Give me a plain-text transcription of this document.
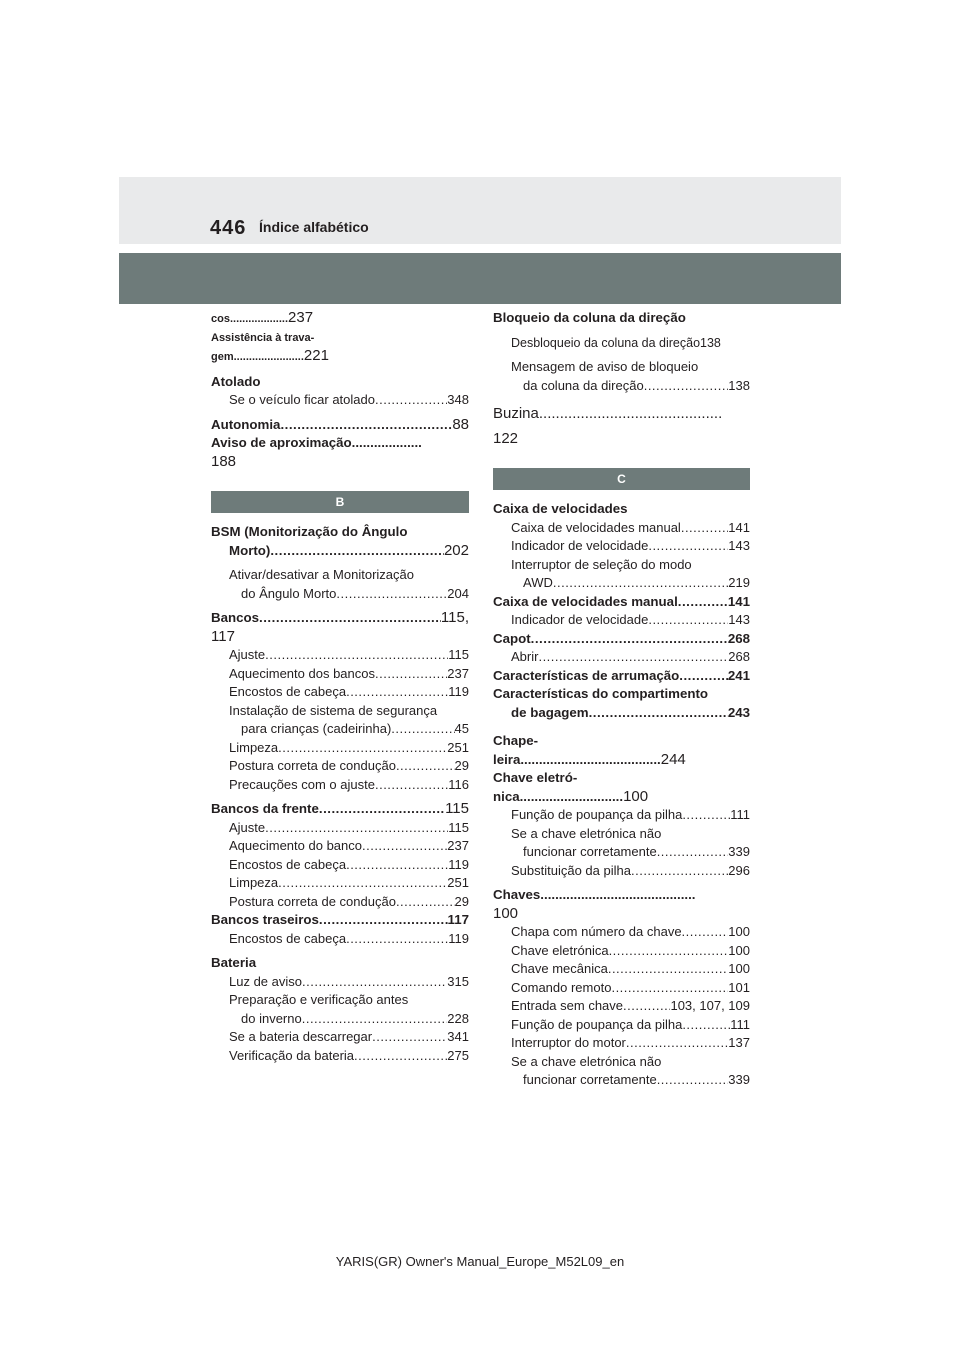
446 Índice alfabético
cos...................237
Assistência à trava-
gem.......................221
Atolado
Se o veículo ficar atolado .....	348
Autonomia .....	88
Aviso de aproximação...................
188
B
BSM (Monitorização do Ângulo
Morto) .....	202
Ativar/desativar a Monitorização
do Ângulo Morto .....	204
Bancos .....	115,
117
Ajuste .....	115
Aquecimento dos bancos .....	237
Encostos de cabeça .....	119
Instalação de sistema de segurança
para crianças (cadeirinha) .....	45
Limpeza .....	251
Postura correta de condução .....	29
Precauções com o ajuste .....	116
Bancos da frente .....	115
Ajuste .....	115
Aquecimento do banco .....	237
Encostos de cabeça .....	119
Limpeza .....	251
Postura correta de condução .....	29
Bancos traseiros .....	117
Encostos de cabeça .....	119
Bateria
Luz de aviso .....	315
Preparação e verificação antes
do inverno .....	228
Se a bateria descarregar .....	341
Verificação da bateria .....	275
Bloqueio da coluna da direção
Desbloqueio da coluna da direção138
Mensagem de aviso de bloqueio
da coluna da direção .....	138
Buzina............................................
122
C
Caixa de velocidades
Caixa de velocidades manual .....	141
Indicador de velocidade .....	143
Interruptor de seleção do modo
AWD .....	219
Caixa de velocidades manual .....	141
Indicador de velocidade .....	143
Capot .....	268
Abrir .....	268
Características de arrumação .....	241
Características do compartimento
de bagagem .....	243
Chape-
leira......................................244
Chave eletró-
nica............................100
Função de poupança da pilha .....	111
Se a chave eletrónica não
funcionar corretamente .....	339
Substituição da pilha .....	296
Chaves..........................................
100
Chapa com número da chave .....	100
Chave eletrónica .....	100
Chave mecânica .....	100
Comando remoto .....	101
Entrada sem chave .....	103, 107, 109
Função de poupança da pilha .....	111
Interruptor do motor .....	137
Se a chave eletrónica não
funcionar corretamente .....	339
YARIS(GR) Owner's Manual_Europe_M52L09_en
